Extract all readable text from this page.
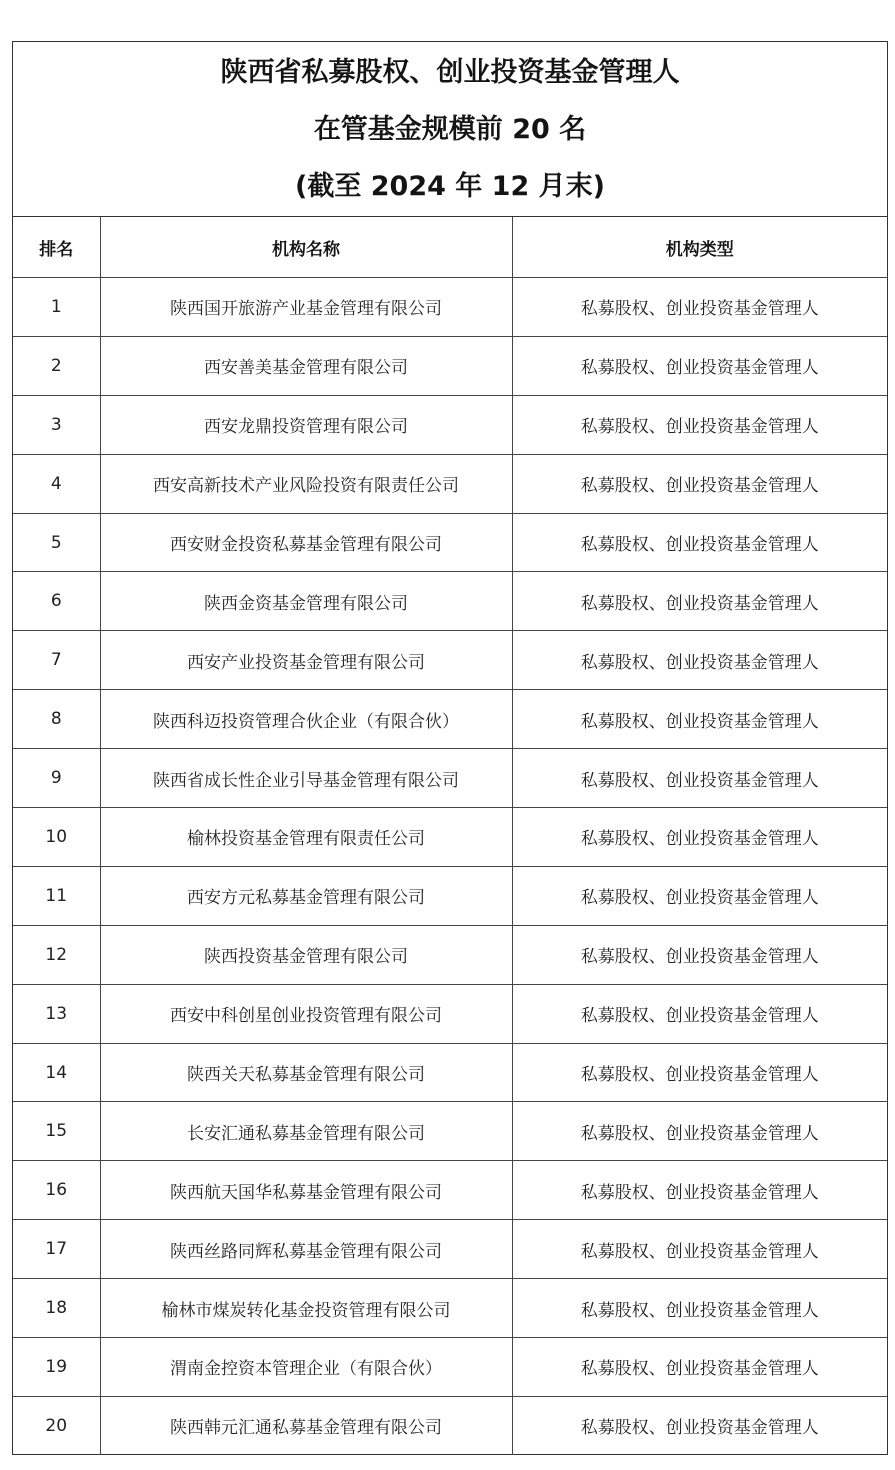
陕西省私募股权、创业投资基金管理人
在管基金规模前 20 名
(截至 2024 年 12 月末)
排名	机构名称	机构类型
1	陕西国开旅游产业基金管理有限公司	私募股权、创业投资基金管理人
2	西安善美基金管理有限公司	私募股权、创业投资基金管理人
3	西安龙鼎投资管理有限公司	私募股权、创业投资基金管理人
4	西安高新技术产业风险投资有限责任公司	私募股权、创业投资基金管理人
5	西安财金投资私募基金管理有限公司	私募股权、创业投资基金管理人
6	陕西金资基金管理有限公司	私募股权、创业投资基金管理人
7	西安产业投资基金管理有限公司	私募股权、创业投资基金管理人
8	陕西科迈投资管理合伙企业（有限合伙）	私募股权、创业投资基金管理人
9	陕西省成长性企业引导基金管理有限公司	私募股权、创业投资基金管理人
10	榆林投资基金管理有限责任公司	私募股权、创业投资基金管理人
11	西安方元私募基金管理有限公司	私募股权、创业投资基金管理人
12	陕西投资基金管理有限公司	私募股权、创业投资基金管理人
13	西安中科创星创业投资管理有限公司	私募股权、创业投资基金管理人
14	陕西关天私募基金管理有限公司	私募股权、创业投资基金管理人
15	长安汇通私募基金管理有限公司	私募股权、创业投资基金管理人
16	陕西航天国华私募基金管理有限公司	私募股权、创业投资基金管理人
17	陕西丝路同辉私募基金管理有限公司	私募股权、创业投资基金管理人
18	榆林市煤炭转化基金投资管理有限公司	私募股权、创业投资基金管理人
19	渭南金控资本管理企业（有限合伙）	私募股权、创业投资基金管理人
20	陕西韩元汇通私募基金管理有限公司	私募股权、创业投资基金管理人
